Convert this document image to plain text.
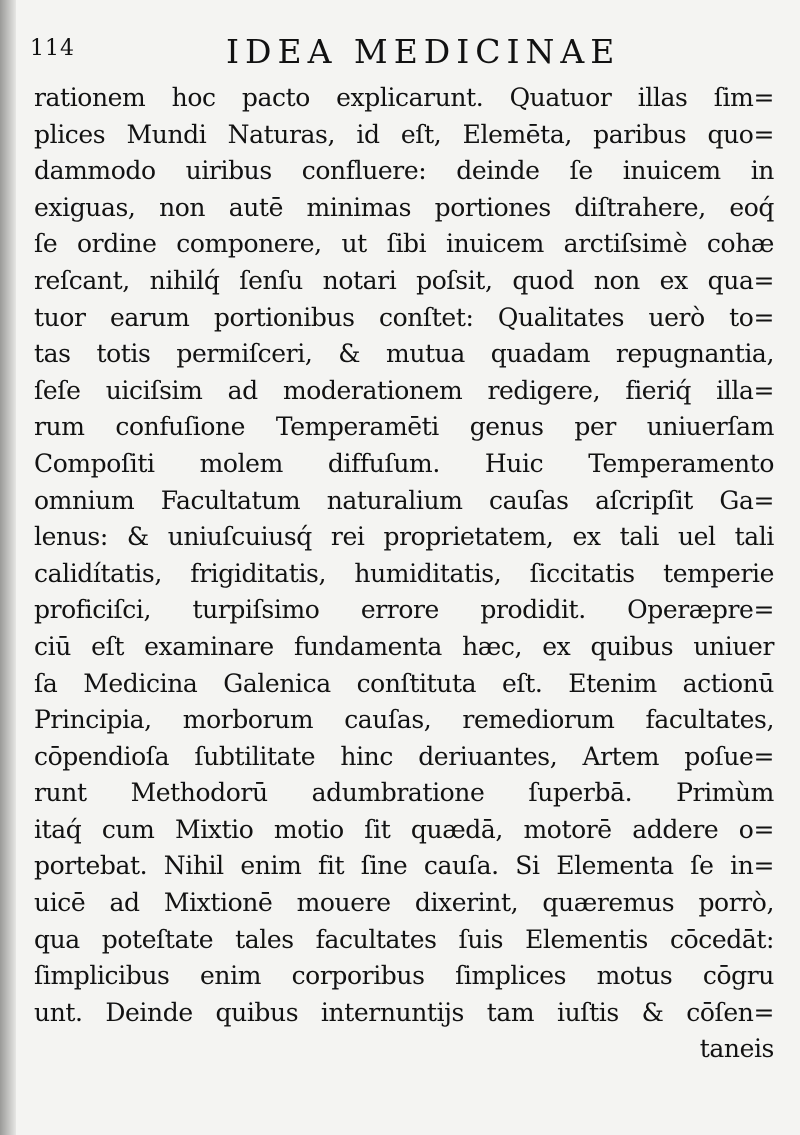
114	IDEA MEDICINAE
rationem hoc pacto explicarunt. Quatuor illas ſim=
plices Mundi Naturas, id eſt, Elemēta, paribus quo=
dammodo uiribus confluere: deinde ſe inuicem in
exiguas, non autē minimas portiones diſtrahere, eoq́
ſe ordine componere, ut ſibi inuicem arctiſsimè cohæ
reſcant, nihilq́ ſenſu notari poſsit, quod non ex qua=
tuor earum portionibus conſtet: Qualitates uerò to=
tas totis permiſceri, & mutua quadam repugnantia,
ſeſe uiciſsim ad moderationem redigere, fieriq́ illa=
rum confuſione Temperamēti genus per uniuerſam
Compoſiti molem diffuſum. Huic Temperamento
omnium Facultatum naturalium cauſas aſcripſit Ga=
lenus: & uniuſcuiusq́ rei proprietatem, ex tali uel tali
calidítatis, frigiditatis, humiditatis, ſiccitatis temperie
proficiſci, turpiſsimo errore prodidit. Operæpre=
ciū eſt examinare fundamenta hæc, ex quibus uniuer
ſa Medicina Galenica conſtituta eſt. Etenim actionū
Principia, morborum cauſas, remediorum facultates,
cōpendioſa ſubtilitate hinc deriuantes, Artem poſue=
runt Methodorū adumbratione ſuperbā. Primùm
itaq́ cum Mixtio motio ſit quædā, motorē addere o=
portebat. Nihil enim fit ſine cauſa. Si Elementa ſe in=
uicē ad Mixtionē mouere dixerint, quæremus porrò,
qua poteſtate tales facultates ſuis Elementis cōcedāt:
ſimplicibus enim corporibus ſimplices motus cōgru
unt. Deinde quibus internuntijs tam iuſtis & cōſen=
taneis
